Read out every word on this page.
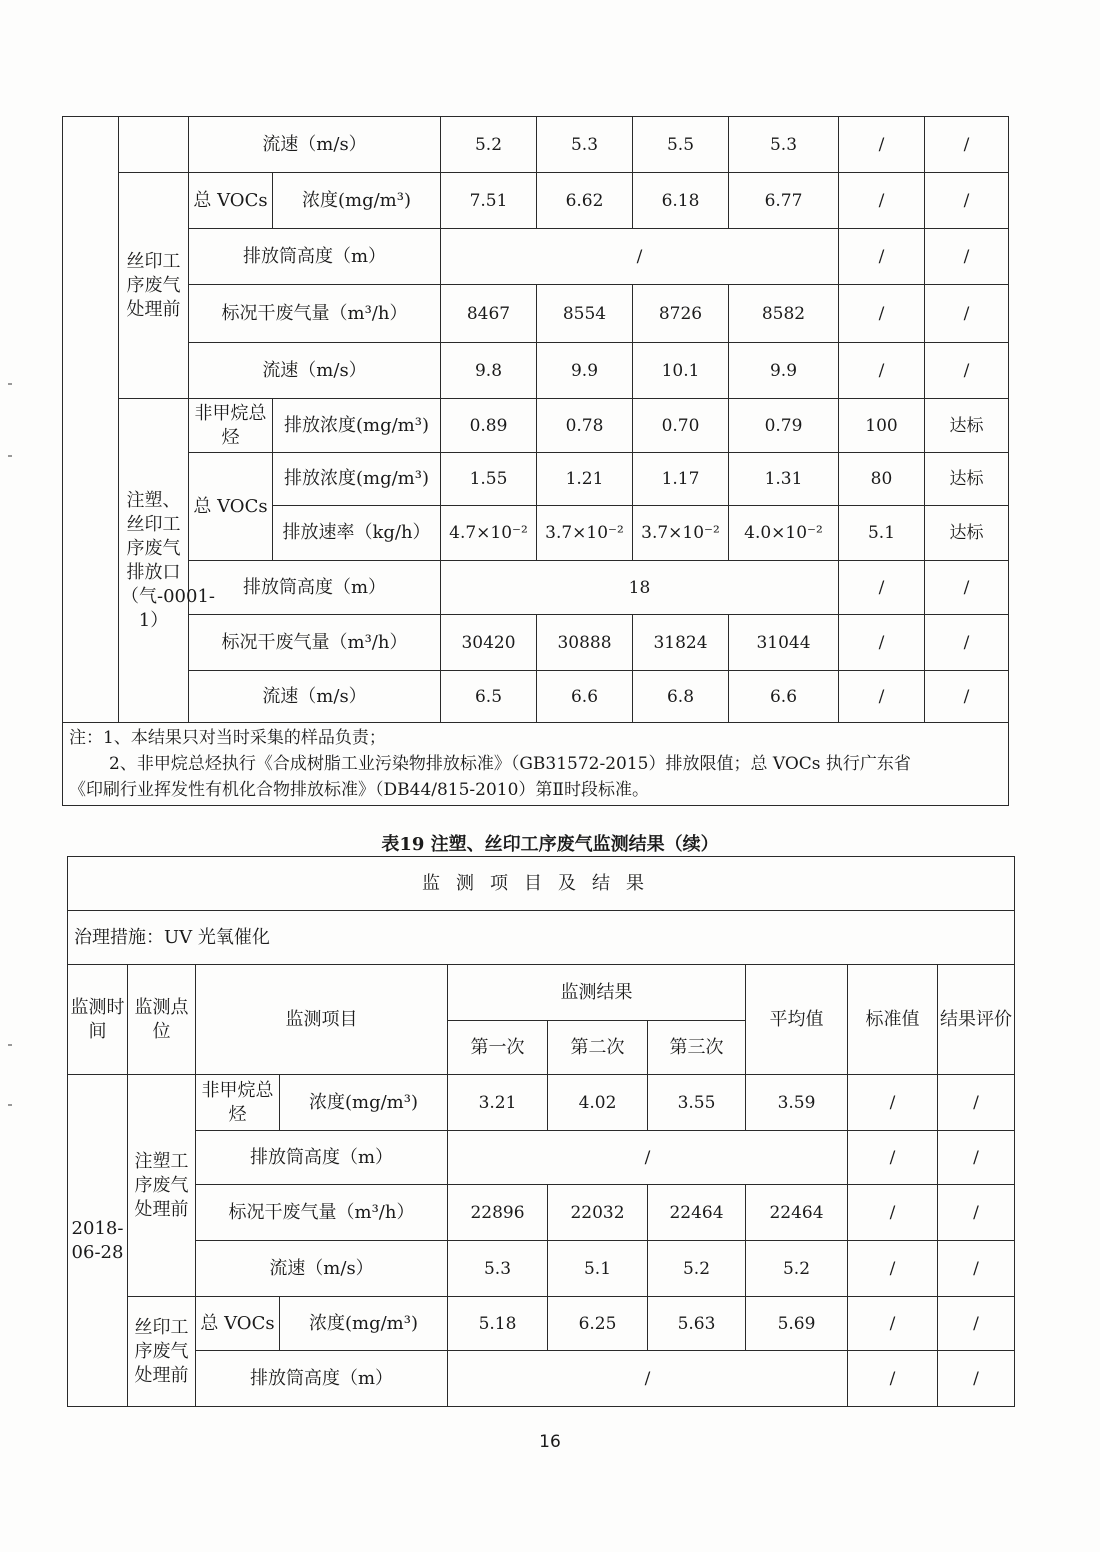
		流速（m/s）		5.2	5.3	5.5	5.3	/	/
	丝印工序废气处理前	总 VOCs	浓度(mg/m³)	7.51	6.62	6.18	6.77	/	/
		排放筒高度（m）		/				/	/
		标况干废气量（m³/h）		8467	8554	8726	8582	/	/
		流速（m/s）		9.8	9.9	10.1	9.9	/	/
	注塑、丝印工序废气排放口（气-0001-1）	非甲烷总烃	排放浓度(mg/m³)	0.89	0.78	0.70	0.79	100	达标
		总 VOCs	排放浓度(mg/m³)	1.55	1.21	1.17	1.31	80	达标
			排放速率（kg/h）	4.7×10⁻²	3.7×10⁻²	3.7×10⁻²	4.0×10⁻²	5.1	达标
		排放筒高度（m）		18				/	/
		标况干废气量（m³/h）		30420	30888	31824	31044	/	/
		流速（m/s）		6.5	6.6	6.8	6.6	/	/

注：1、本结果只对当时采集的样品负责；
2、非甲烷总烃执行《合成树脂工业污染物排放标准》（GB31572-2015）排放限值；总 VOCs 执行广东省
《印刷行业挥发性有机化合物排放标准》（DB44/815-2010）第Ⅱ时段标准。									
表19 注塑、丝印工序废气监测结果（续）
监测项目及结果									
治理措施：UV 光氧催化									
监测时间	监测点位	监测项目		监测结果			平均值	标准值	结果评价
				第一次	第二次	第三次			
2018-06-28	注塑工序废气处理前	非甲烷总烃	浓度(mg/m³)	3.21	4.02	3.55	3.59	/	/
		排放筒高度（m）		/				/	/
		标况干废气量（m³/h）		22896	22032	22464	22464	/	/
		流速（m/s）		5.3	5.1	5.2	5.2	/	/
	丝印工序废气处理前	总 VOCs	浓度(mg/m³)	5.18	6.25	5.63	5.69	/	/
		排放筒高度（m）		/				/	/
16
